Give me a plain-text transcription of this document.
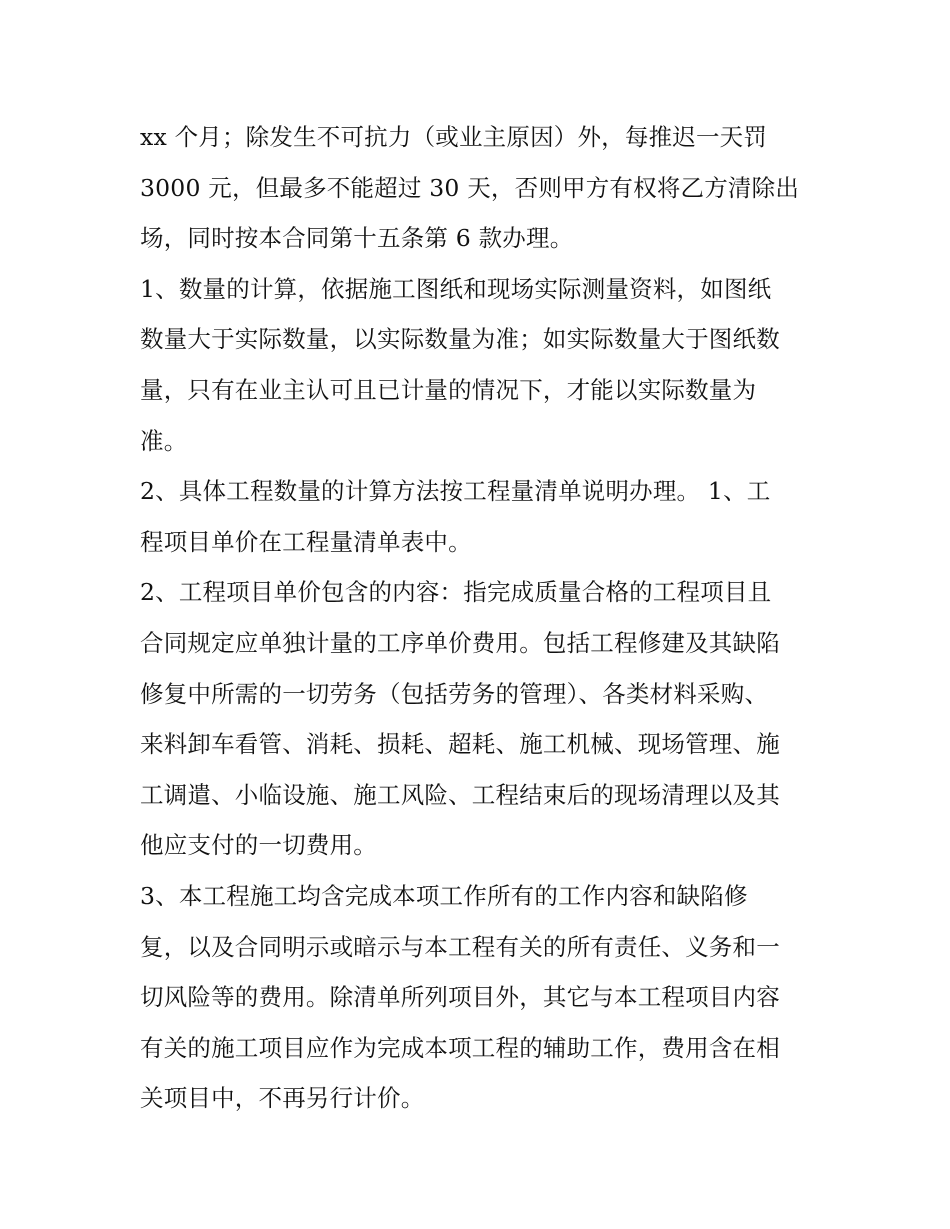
xx 个月；除发生不可抗力（或业主原因）外，每推迟一天罚
3000 元，但最多不能超过 30 天，否则甲方有权将乙方清除出
场，同时按本合同第十五条第 6 款办理。
1、数量的计算，依据施工图纸和现场实际测量资料，如图纸
数量大于实际数量，以实际数量为准；如实际数量大于图纸数
量，只有在业主认可且已计量的情况下，才能以实际数量为
准。
2、具体工程数量的计算方法按工程量清单说明办理。 1、工
程项目单价在工程量清单表中。
2、工程项目单价包含的内容：指完成质量合格的工程项目且
合同规定应单独计量的工序单价费用。包括工程修建及其缺陷
修复中所需的一切劳务（包括劳务的管理）、各类材料采购、
来料卸车看管、消耗、损耗、超耗、施工机械、现场管理、施
工调遣、小临设施、施工风险、工程结束后的现场清理以及其
他应支付的一切费用。
3、本工程施工均含完成本项工作所有的工作内容和缺陷修
复，以及合同明示或暗示与本工程有关的所有责任、义务和一
切风险等的费用。除清单所列项目外，其它与本工程项目内容
有关的施工项目应作为完成本项工程的辅助工作，费用含在相
关项目中，不再另行计价。
